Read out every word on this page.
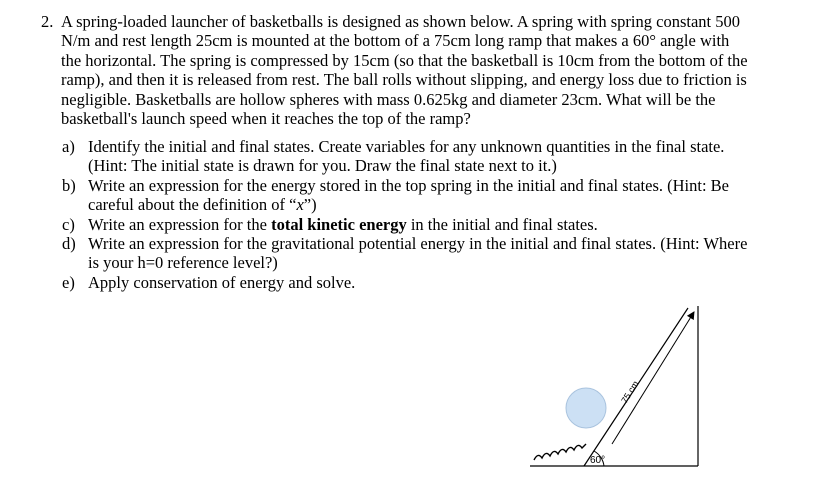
2. A spring-loaded launcher of basketballs is designed as shown below. A spring with spring constant 500
N/m and rest length 25cm is mounted at the bottom of a 75cm long ramp that makes a 60° angle with
the horizontal. The spring is compressed by 15cm (so that the basketball is 10cm from the bottom of the
ramp), and then it is released from rest. The ball rolls without slipping, and energy loss due to friction is
negligible. Basketballs are hollow spheres with mass 0.625kg and diameter 23cm. What will be the
basketball's launch speed when it reaches the top of the ramp?
a) Identify the initial and final states. Create variables for any unknown quantities in the final state.
(Hint: The initial state is drawn for you. Draw the final state next to it.)
b) Write an expression for the energy stored in the top spring in the initial and final states. (Hint: Be
careful about the definition of “x”)
c) Write an expression for the total kinetic energy in the initial and final states.
d) Write an expression for the gravitational potential energy in the initial and final states. (Hint: Where
is your h=0 reference level?)
e) Apply conservation of energy and solve.
75 cm
60°
